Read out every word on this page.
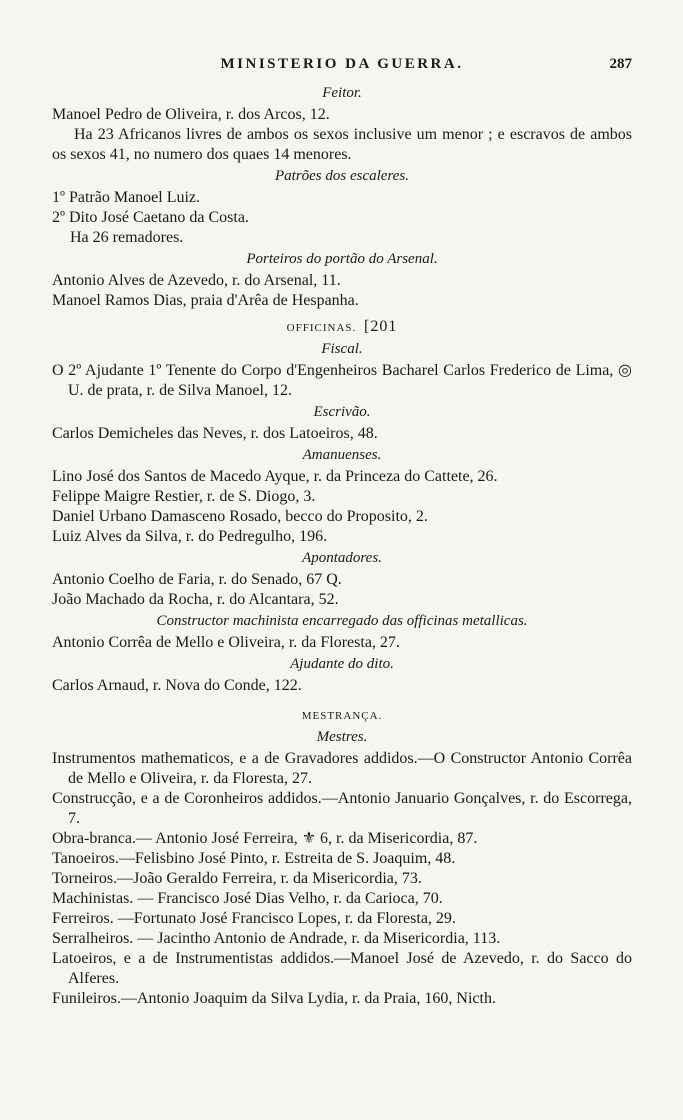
MINISTERIO DA GUERRA.	287
Feitor.
Manoel Pedro de Oliveira, r. dos Arcos, 12.
Ha 23 Africanos livres de ambos os sexos inclusive um menor ; e escravos de ambos os sexos 41, no numero dos quaes 14 menores.
Patrões dos escaleres.
1º Patrão Manoel Luiz.
2º Dito José Caetano da Costa.
Ha 26 remadores.
Porteiros do portão do Arsenal.
Antonio Alves de Azevedo, r. do Arsenal, 11.
Manoel Ramos Dias, praia d'Arêa de Hespanha.
OFFICINAS. [201
Fiscal.
O 2º Ajudante 1º Tenente do Corpo d'Engenheiros Bacharel Carlos Frederico de Lima, ◎ U. de prata, r. de Silva Manoel, 12.
Escrivão.
Carlos Demicheles das Neves, r. dos Latoeiros, 48.
Amanuenses.
Lino José dos Santos de Macedo Ayque, r. da Princeza do Cattete, 26.
Felippe Maigre Restier, r. de S. Diogo, 3.
Daniel Urbano Damasceno Rosado, becco do Proposito, 2.
Luiz Alves da Silva, r. do Pedregulho, 196.
Apontadores.
Antonio Coelho de Faria, r. do Senado, 67 Q.
João Machado da Rocha, r. do Alcantara, 52.
Constructor machinista encarregado das officinas metallicas.
Antonio Corrêa de Mello e Oliveira, r. da Floresta, 27.
Ajudante do dito.
Carlos Arnaud, r. Nova do Conde, 122.
MESTRANÇA.
Mestres.
Instrumentos mathematicos, e a de Gravadores addidos.—O Constructor Antonio Corrêa de Mello e Oliveira, r. da Floresta, 27.
Construcção, e a de Coronheiros addidos.—Antonio Januario Gonçalves, r. do Escorrega, 7.
Obra-branca.— Antonio José Ferreira, ⚜ 6, r. da Misericordia, 87.
Tanoeiros.—Felisbino José Pinto, r. Estreita de S. Joaquim, 48.
Torneiros.—João Geraldo Ferreira, r. da Misericordia, 73.
Machinistas. — Francisco José Dias Velho, r. da Carioca, 70.
Ferreiros. —Fortunato José Francisco Lopes, r. da Floresta, 29.
Serralheiros. — Jacintho Antonio de Andrade, r. da Misericordia, 113.
Latoeiros, e a de Instrumentistas addidos.—Manoel José de Azevedo, r. do Sacco do Alferes.
Funileiros.—Antonio Joaquim da Silva Lydia, r. da Praia, 160, Nicth.
